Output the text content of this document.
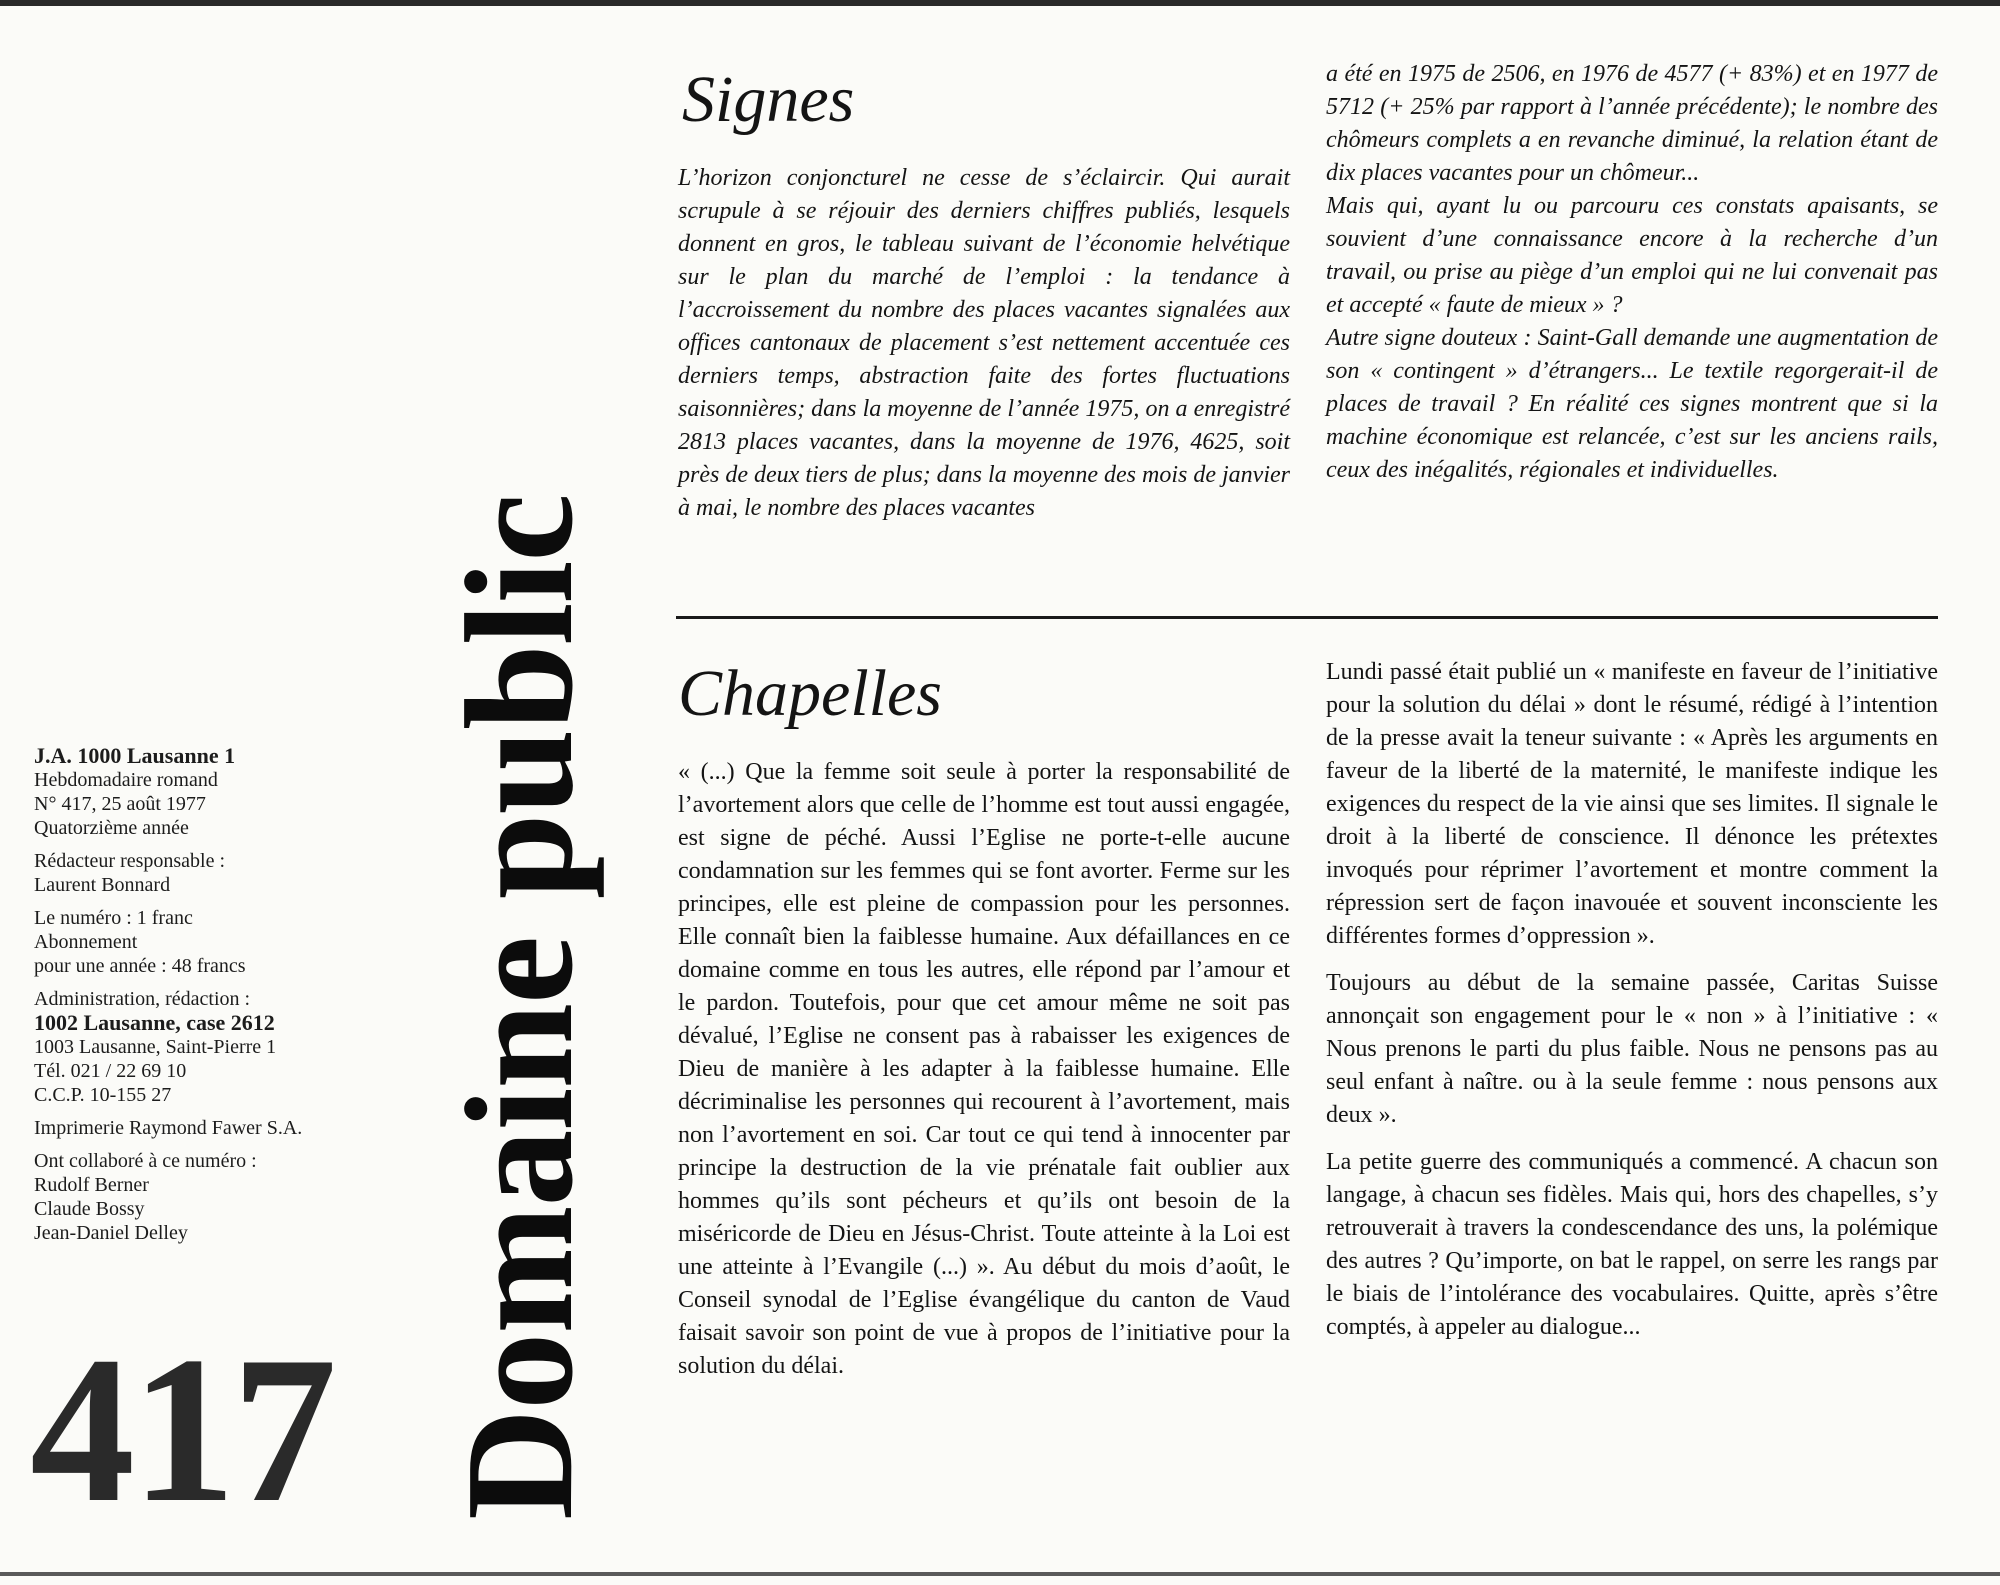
Domaine public
J.A. 1000 Lausanne 1
Hebdomadaire romand
N° 417, 25 août 1977
Quatorzième année
Rédacteur responsable :
Laurent Bonnard
Le numéro : 1 franc
Abonnement
pour une année : 48 francs
Administration, rédaction :
1002 Lausanne, case 2612
1003 Lausanne, Saint-Pierre 1
Tél. 021 / 22 69 10
C.C.P. 10-155 27
Imprimerie Raymond Fawer S.A.
Ont collaboré à ce numéro :
Rudolf Berner
Claude Bossy
Jean-Daniel Delley
417
Signes

L’horizon conjoncturel ne cesse de s’éclaircir. Qui aurait scrupule à se réjouir des derniers chiffres publiés, lesquels donnent en gros, le tableau suivant de l’économie helvétique sur le plan du marché de l’emploi : la tendance à l’accroissement du nombre des places vacantes signalées aux offices cantonaux de placement s’est nettement accentuée ces derniers temps, abstraction faite des fortes fluctuations saisonnières; dans la moyenne de l’année 1975, on a enregistré 2813 places vacantes, dans la moyenne de 1976, 4625, soit près de deux tiers de plus; dans la moyenne des mois de janvier à mai, le nombre des places vacantes

a été en 1975 de 2506, en 1976 de 4577 (+ 83%) et en 1977 de 5712 (+ 25% par rapport à l’année précédente); le nombre des chômeurs complets a en revanche diminué, la relation étant de dix places vacantes pour un chômeur...

Mais qui, ayant lu ou parcouru ces constats apaisants, se souvient d’une connaissance encore à la recherche d’un travail, ou prise au piège d’un emploi qui ne lui convenait pas et accepté « faute de mieux » ?

Autre signe douteux : Saint-Gall demande une augmentation de son « contingent » d’étrangers... Le textile regorgerait-il de places de travail ? En réalité ces signes montrent que si la machine économique est relancée, c’est sur les anciens rails, ceux des inégalités, régionales et individuelles.

Chapelles

« (...) Que la femme soit seule à porter la responsabilité de l’avortement alors que celle de l’homme est tout aussi engagée, est signe de péché. Aussi l’Eglise ne porte-t-elle aucune condamnation sur les femmes qui se font avorter. Ferme sur les principes, elle est pleine de compassion pour les personnes. Elle connaît bien la faiblesse humaine. Aux défaillances en ce domaine comme en tous les autres, elle répond par l’amour et le pardon. Toutefois, pour que cet amour même ne soit pas dévalué, l’Eglise ne consent pas à rabaisser les exigences de Dieu de manière à les adapter à la faiblesse humaine. Elle décriminalise les personnes qui recourent à l’avortement, mais non l’avortement en soi. Car tout ce qui tend à innocenter par principe la destruction de la vie prénatale fait oublier aux hommes qu’ils sont pécheurs et qu’ils ont besoin de la miséricorde de Dieu en Jésus-Christ. Toute atteinte à la Loi est une atteinte à l’Evangile (...) ». Au début du mois d’août, le Conseil synodal de l’Eglise évangélique du canton de Vaud faisait savoir son point de vue à propos de l’initiative pour la solution du délai.

Lundi passé était publié un « manifeste en faveur de l’initiative pour la solution du délai » dont le résumé, rédigé à l’intention de la presse avait la teneur suivante : « Après les arguments en faveur de la liberté de la maternité, le manifeste indique les exigences du respect de la vie ainsi que ses limites. Il signale le droit à la liberté de conscience. Il dénonce les prétextes invoqués pour réprimer l’avortement et montre comment la répression sert de façon inavouée et souvent inconsciente les différentes formes d’oppression ».

Toujours au début de la semaine passée, Caritas Suisse annonçait son engagement pour le « non » à l’initiative : « Nous prenons le parti du plus faible. Nous ne pensons pas au seul enfant à naître. ou à la seule femme : nous pensons aux deux ».

La petite guerre des communiqués a commencé. A chacun son langage, à chacun ses fidèles. Mais qui, hors des chapelles, s’y retrouverait à travers la condescendance des uns, la polémique des autres ? Qu’importe, on bat le rappel, on serre les rangs par le biais de l’intolérance des vocabulaires. Quitte, après s’être comptés, à appeler au dialogue...
